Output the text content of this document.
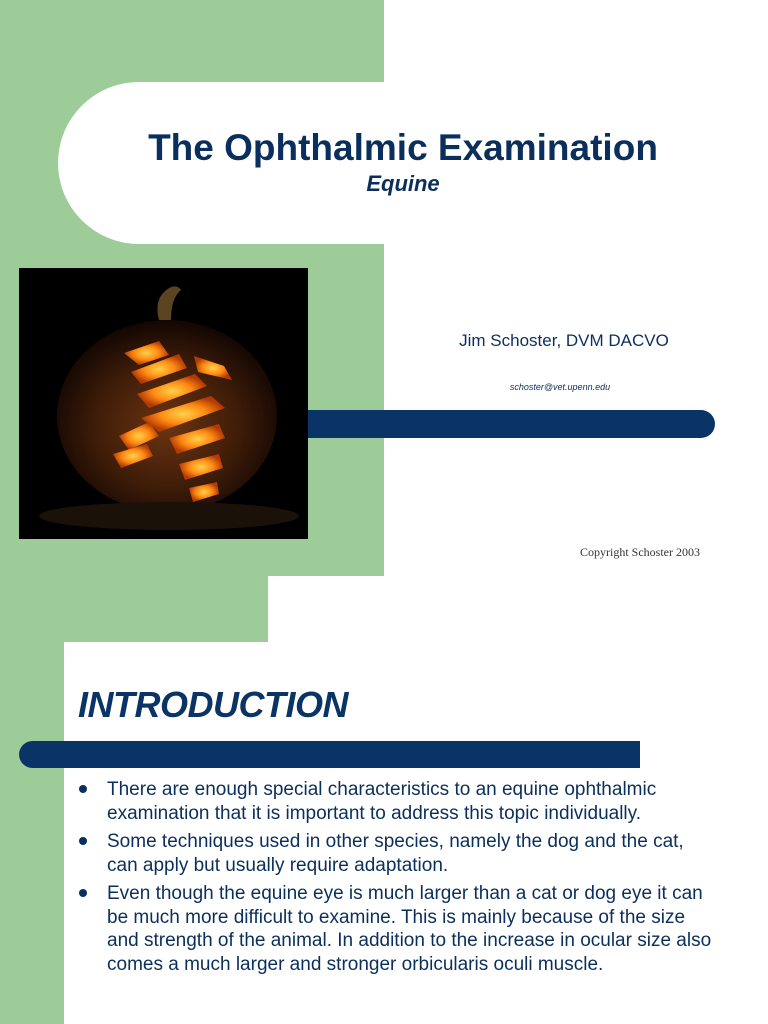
The Ophthalmic Examination
Equine
Jim Schoster, DVM DACVO
schoster@vet.upenn.edu
Copyright Schoster 2003
INTRODUCTION
There are enough special characteristics to an equine ophthalmic examination that it is important to address this topic individually.
Some techniques used in other species, namely the dog and the cat, can apply but usually require adaptation.
Even though the equine eye is much larger than a cat or dog eye it can be much more difficult to examine. This is mainly because of the size and strength of the animal. In addition to the increase in ocular size also comes a much larger and stronger orbicularis oculi muscle.
